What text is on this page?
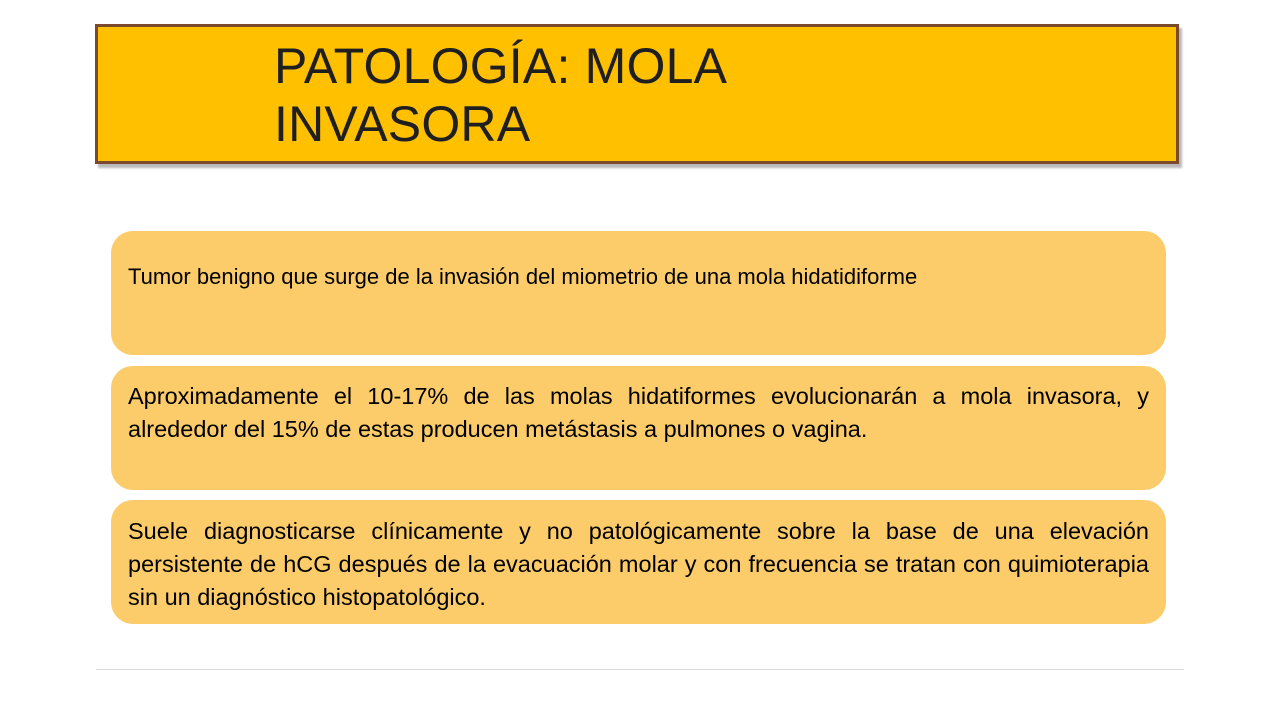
PATOLOGÍA: MOLA
INVASORA

Tumor benigno que surge de la invasión del miometrio de una mola hidatidiforme

Aproximadamente el 10-17% de las molas hidatiformes evolucionarán a mola invasora, y alrededor del 15% de estas producen metástasis a pulmones o vagina.

Suele diagnosticarse clínicamente y no patológicamente sobre la base de una elevación persistente de hCG después de la evacuación molar y con frecuencia se tratan con quimioterapia sin un diagnóstico histopatológico.
